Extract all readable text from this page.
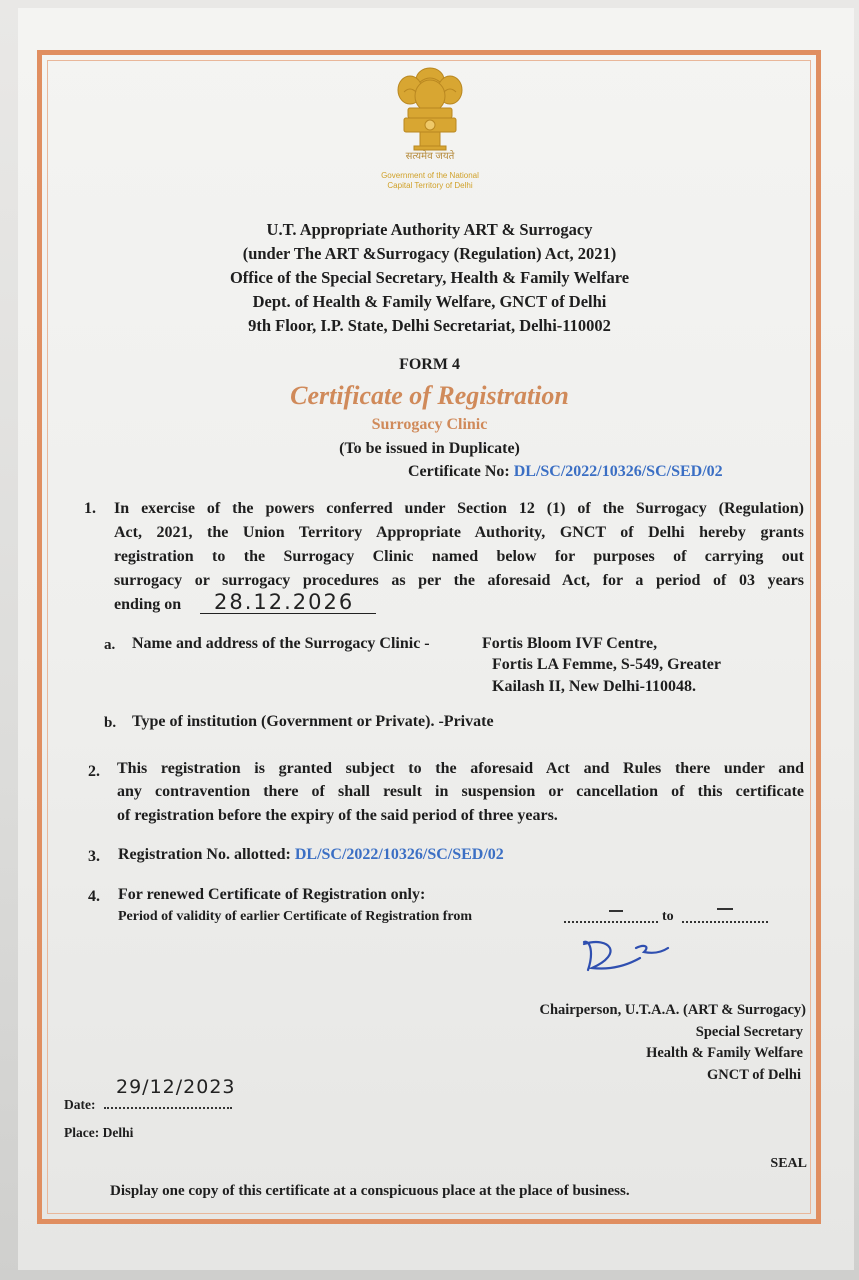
सत्यमेव जयते
Government of the National
Capital Territory of Delhi
U.T. Appropriate Authority ART & Surrogacy
(under The ART &Surrogacy (Regulation) Act, 2021)
Office of the Special Secretary, Health & Family Welfare
Dept. of Health & Family Welfare, GNCT of Delhi
9th Floor, I.P. State, Delhi Secretariat, Delhi-110002
FORM 4
Certificate of Registration
Surrogacy Clinic
(To be issued in Duplicate)
Certificate No: DL/SC/2022/10326/SC/SED/02
1. In exercise of the powers conferred under Section 12 (1) of the Surrogacy (Regulation)
Act, 2021, the Union Territory Appropriate Authority, GNCT of Delhi hereby grants
registration to the Surrogacy Clinic named below for purposes of carrying out
surrogacy or surrogacy procedures as per the aforesaid Act, for a period of 03 years
ending on 28.12.2026
a. Name and address of the Surrogacy Clinic -	Fortis Bloom IVF Centre,
Fortis LA Femme, S-549, Greater
Kailash II, New Delhi-110048.
b. Type of institution (Government or Private). -Private
2. This registration is granted subject to the aforesaid Act and Rules there under and
any contravention there of shall result in suspension or cancellation of this certificate
of registration before the expiry of the said period of three years.
3. Registration No. allotted: DL/SC/2022/10326/SC/SED/02
4. For renewed Certificate of Registration only:
Period of validity of earlier Certificate of Registration from	to
Chairperson, U.T.A.A. (ART & Surrogacy)
Special Secretary
Health & Family Welfare
GNCT of Delhi
Date:
29/12/2023
Place: Delhi
SEAL
Display one copy of this certificate at a conspicuous place at the place of business.
